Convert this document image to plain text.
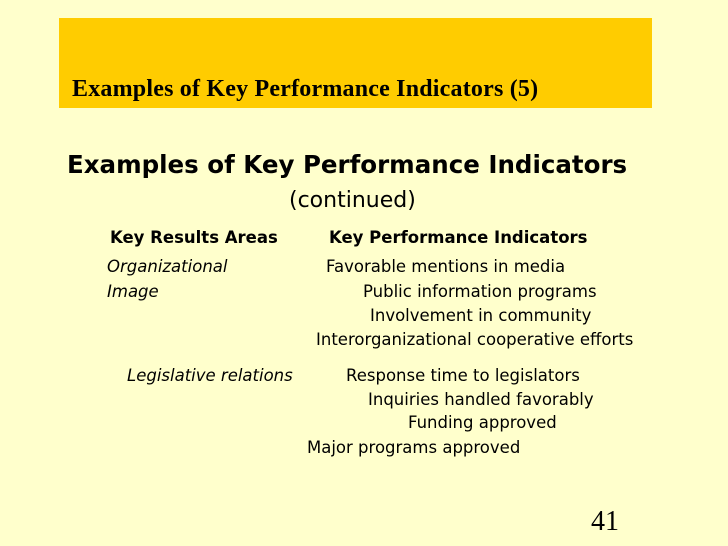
Examples of Key Performance Indicators (5)
Examples of Key Performance Indicators
(continued)
Key Results Areas	Key Performance Indicators
Organizational
Image
Favorable mentions in media
Public information programs
Involvement in community
Interorganizational cooperative efforts
Legislative relations	Response time to legislators
Inquiries handled favorably
Funding approved
Major programs approved
41
